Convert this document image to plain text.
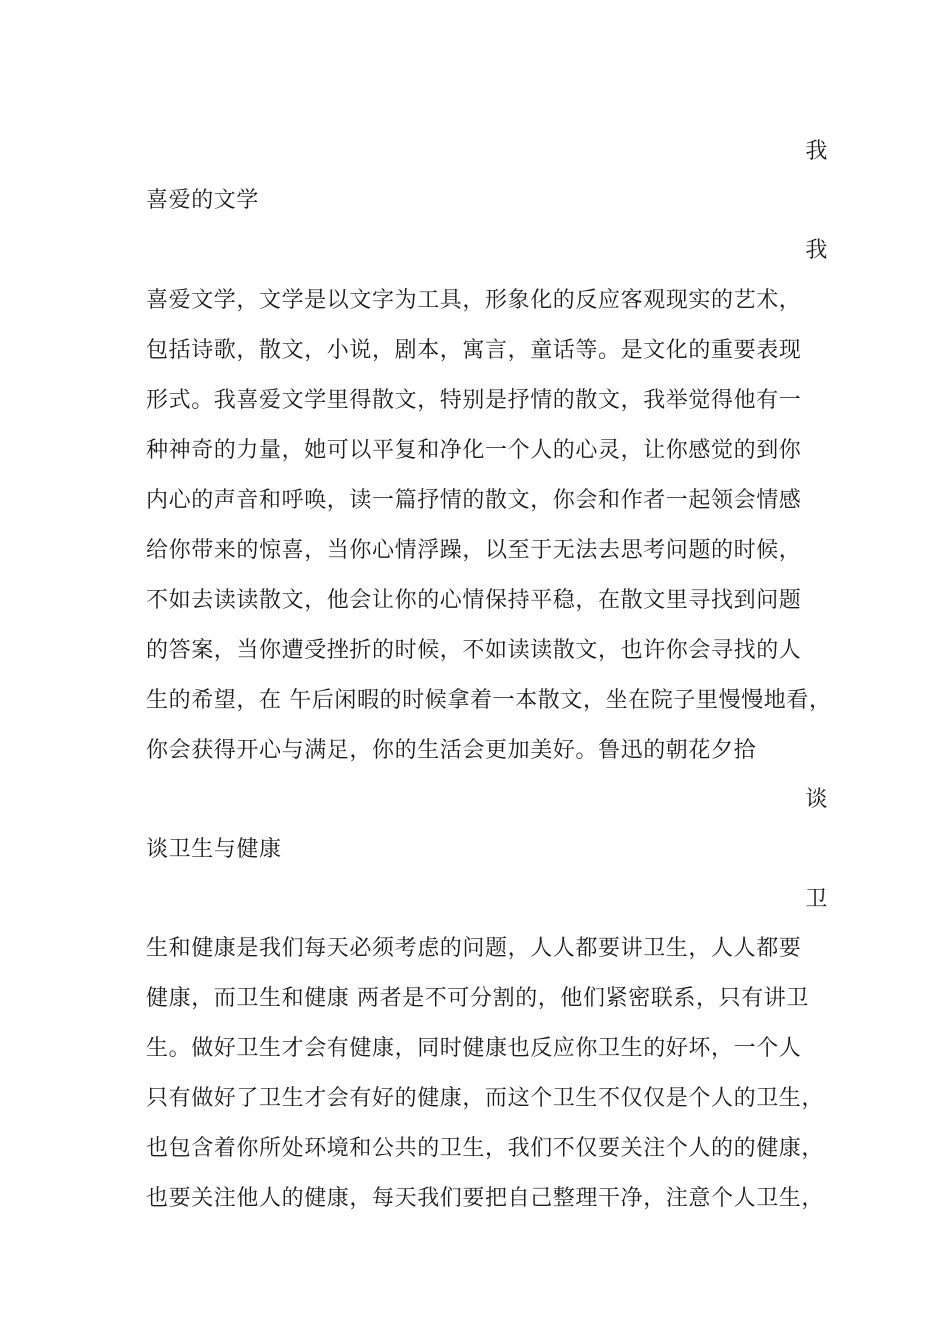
我
喜爱的文学
我
喜爱文学，文学是以文字为工具，形象化的反应客观现实的艺术，
包括诗歌，散文，小说，剧本，寓言，童话等。是文化的重要表现
形式。我喜爱文学里得散文，特别是抒情的散文，我举觉得他有一
种神奇的力量，她可以平复和净化一个人的心灵，让你感觉的到你
内心的声音和呼唤，读一篇抒情的散文，你会和作者一起领会情感
给你带来的惊喜，当你心情浮躁，以至于无法去思考问题的时候，
不如去读读散文，他会让你的心情保持平稳，在散文里寻找到问题
的答案，当你遭受挫折的时候，不如读读散文，也许你会寻找的人
生的希望，在 午后闲暇的时候拿着一本散文，坐在院子里慢慢地看，
你会获得开心与满足，你的生活会更加美好。鲁迅的朝花夕拾
谈
谈卫生与健康
卫
生和健康是我们每天必须考虑的问题，人人都要讲卫生，人人都要
健康，而卫生和健康 两者是不可分割的，他们紧密联系，只有讲卫
生。做好卫生才会有健康，同时健康也反应你卫生的好坏，一个人
只有做好了卫生才会有好的健康，而这个卫生不仅仅是个人的卫生，
也包含着你所处环境和公共的卫生，我们不仅要关注个人的的健康，
也要关注他人的健康，每天我们要把自己整理干净，注意个人卫生，
